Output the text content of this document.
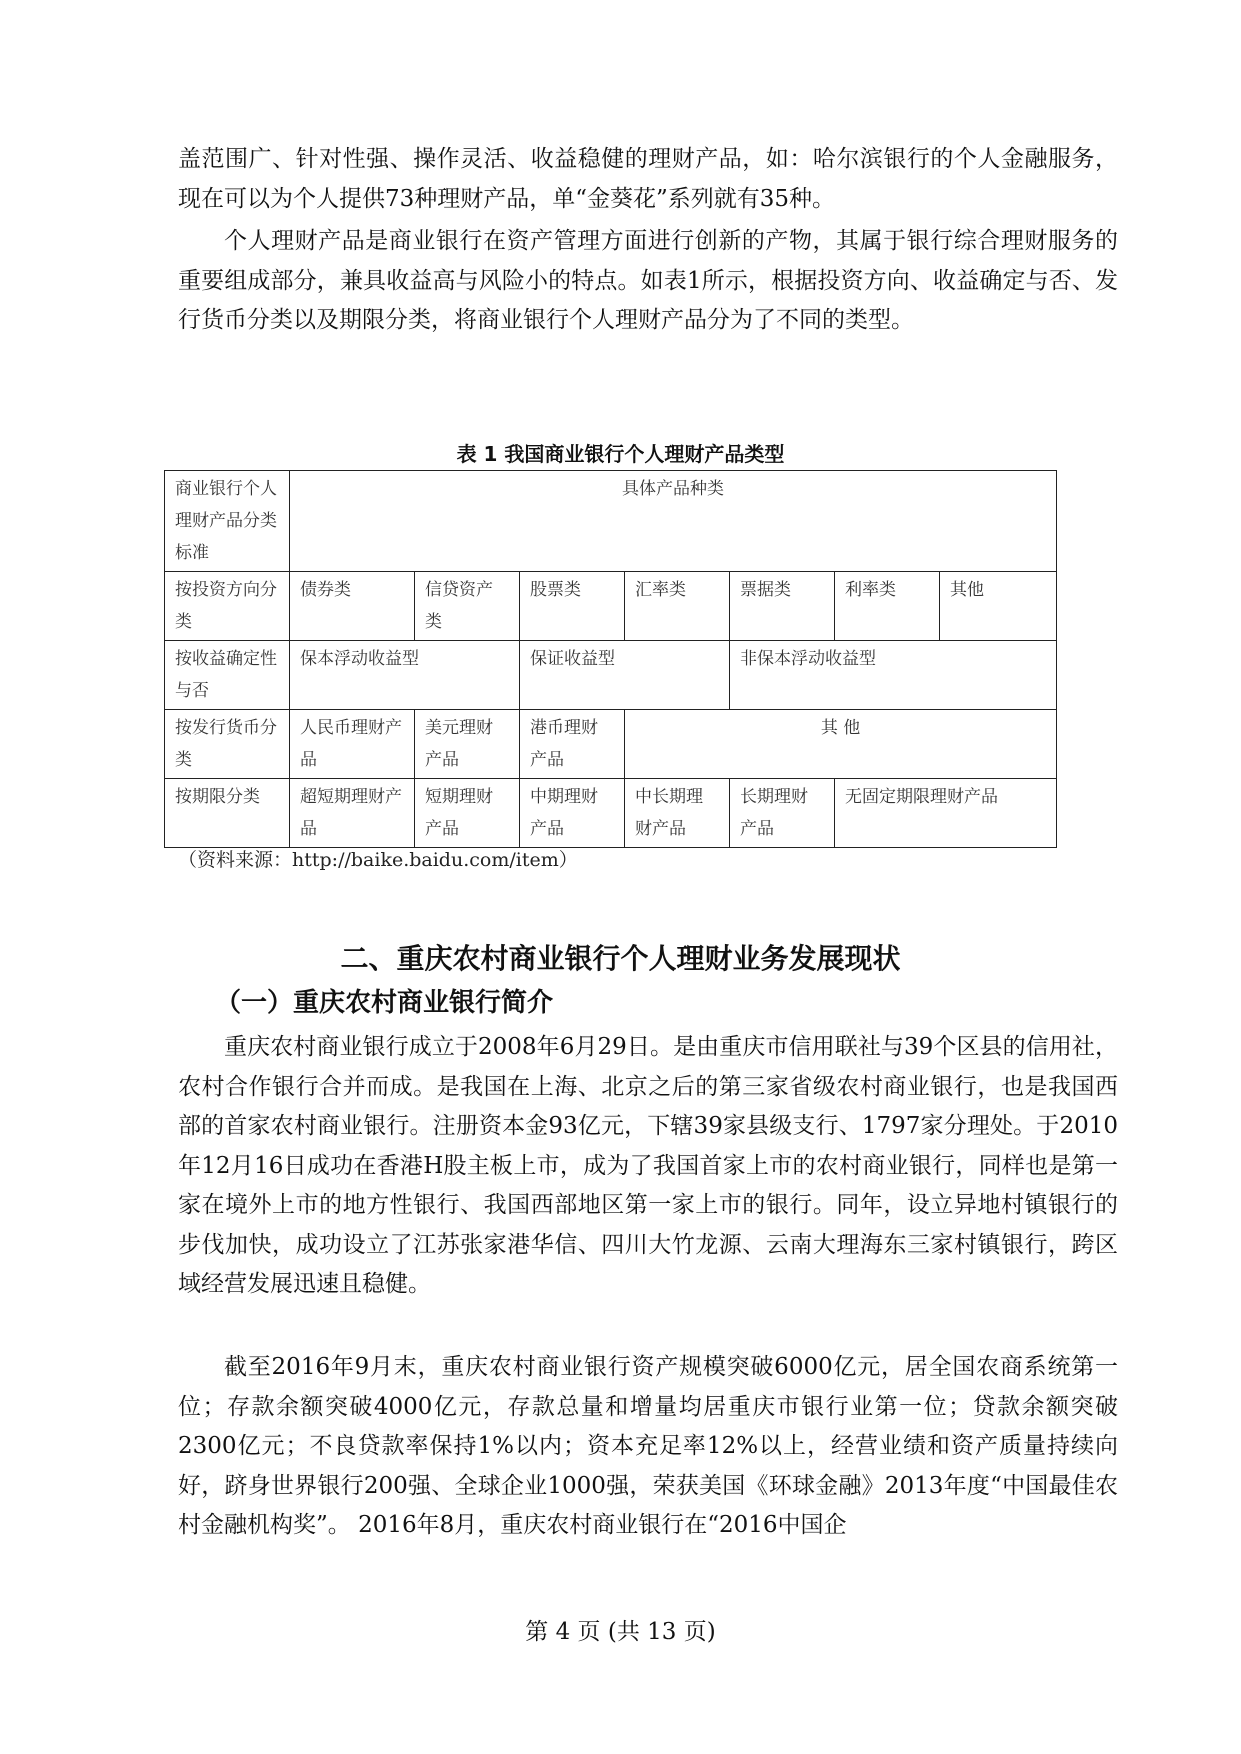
盖范围广、针对性强、操作灵活、收益稳健的理财产品，如：哈尔滨银行的个人金融服务，现在可以为个人提供73种理财产品，单“金葵花”系列就有35种。

个人理财产品是商业银行在资产管理方面进行创新的产物，其属于银行综合理财服务的重要组成部分，兼具收益高与风险小的特点。如表1所示，根据投资方向、收益确定与否、发行货币分类以及期限分类，将商业银行个人理财产品分为了不同的类型。

表 1 我国商业银行个人理财产品类型

商业银行个人理财产品分类标准	具体产品种类						
按投资方向分类	债券类	信贷资产类	股票类	汇率类	票据类	利率类	其他
按收益确定性与否	保本浮动收益型		保证收益型		非保本浮动收益型		
按发行货币分类	人民币理财产品	美元理财产品	港币理财产品	其 他			
按期限分类	超短期理财产品	短期理财产品	中期理财产品	中长期理财产品	长期理财产品	无固定期限理财产品	

（资料来源：http://baike.baidu.com/item）

二、重庆农村商业银行个人理财业务发展现状

（一）重庆农村商业银行简介

重庆农村商业银行成立于2008年6月29日。是由重庆市信用联社与39个区县的信用社，农村合作银行合并而成。是我国在上海、北京之后的第三家省级农村商业银行，也是我国西部的首家农村商业银行。注册资本金93亿元，下辖39家县级支行、1797家分理处。于2010年12月16日成功在香港H股主板上市，成为了我国首家上市的农村商业银行，同样也是第一家在境外上市的地方性银行、我国西部地区第一家上市的银行。同年，设立异地村镇银行的步伐加快，成功设立了江苏张家港华信、四川大竹龙源、云南大理海东三家村镇银行，跨区域经营发展迅速且稳健。

截至2016年9月末，重庆农村商业银行资产规模突破6000亿元，居全国农商系统第一位；存款余额突破4000亿元，存款总量和增量均居重庆市银行业第一位；贷款余额突破2300亿元；不良贷款率保持1%以内；资本充足率12%以上，经营业绩和资产质量持续向好，跻身世界银行200强、全球企业1000强，荣获美国《环球金融》2013年度“中国最佳农村金融机构奖”。 2016年8月，重庆农村商业银行在“2016中国企

第 4 页 (共 13 页)
